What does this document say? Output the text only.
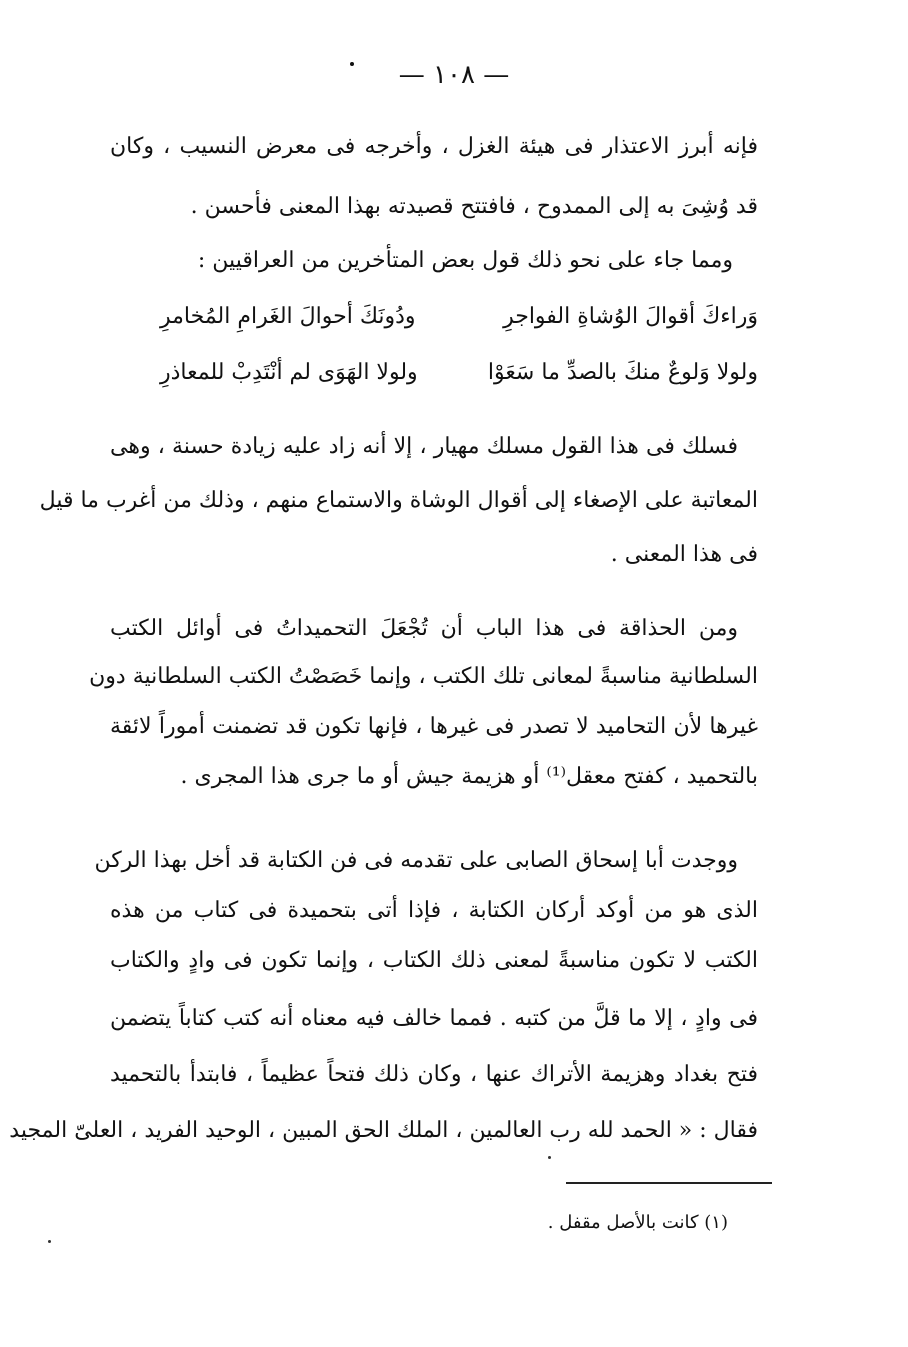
— ١٠٨ —
فإنه أبرز الاعتذار فى هيئة الغزل ، وأخرجه فى معرض النسيب ، وكان
قد وُشِىَ به إلى الممدوح ، فافتتح قصيدته بهذا المعنى فأحسن .
ومما جاء على نحو ذلك قول بعض المتأخرين من العراقيين :
وَراءكَ أقوالَ الوُشاةِ الفواجرِ
ودُونَكَ أحوالَ الغَرامِ المُخامرِ
ولولا وَلوعٌ منكَ بالصدِّ ما سَعَوْا
ولولا الهَوَى لم أنْتَدِبْ للمعاذرِ
فسلك فى هذا القول مسلك مهيار ، إلا أنه زاد عليه زيادة حسنة ، وهى
المعاتبة على الإصغاء إلى أقوال الوشاة والاستماع منهم ، وذلك من أغرب ما قيل
فى هذا المعنى .
ومن الحذاقة فى هذا الباب أن تُجْعَلَ التحميداتُ فى أوائل الكتب
السلطانية مناسبةً لمعانى تلك الكتب ، وإنما خَصَصْتُ الكتب السلطانية دون
غيرها لأن التحاميد لا تصدر فى غيرها ، فإنها تكون قد تضمنت أموراً لائقة
بالتحميد ، كفتح معقل⁽¹⁾ أو هزيمة جيش أو ما جرى هذا المجرى .
ووجدت أبا إسحاق الصابى على تقدمه فى فن الكتابة قد أخل بهذا الركن
الذى هو من أوكد أركان الكتابة ، فإذا أتى بتحميدة فى كتاب من هذه
الكتب لا تكون مناسبةً لمعنى ذلك الكتاب ، وإنما تكون فى وادٍ والكتاب
فى وادٍ ، إلا ما قلَّ من كتبه . فمما خالف فيه معناه أنه كتب كتاباً يتضمن
فتح بغداد وهزيمة الأتراك عنها ، وكان ذلك فتحاً عظيماً ، فابتدأ بالتحميد
فقال : « الحمد لله رب العالمين ، الملك الحق المبين ، الوحيد الفريد ، العلىّ المجيد
(١) كانت بالأصل مقفل .
